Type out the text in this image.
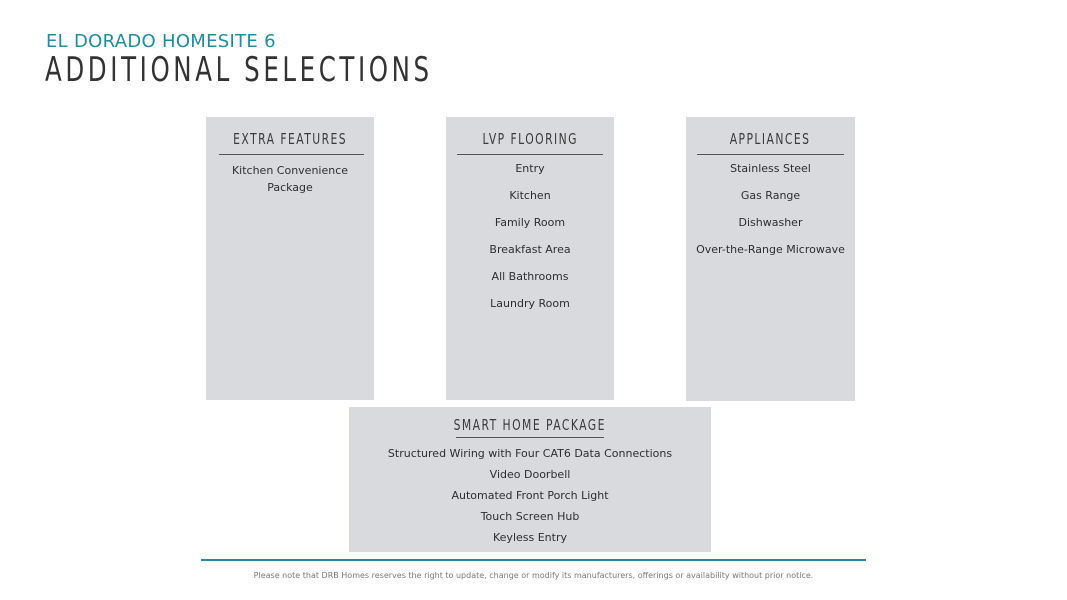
EL DORADO HOMESITE 6
ADDITIONAL SELECTIONS
EXTRA FEATURES
Kitchen Convenience Package
LVP FLOORING
Entry
Kitchen
Family Room
Breakfast Area
All Bathrooms
Laundry Room
APPLIANCES
Stainless Steel
Gas Range
Dishwasher
Over-the-Range Microwave
SMART HOME PACKAGE
Structured Wiring with Four CAT6 Data Connections
Video Doorbell
Automated Front Porch Light
Touch Screen Hub
Keyless Entry
Please note that DRB Homes reserves the right to update, change or modify its manufacturers, offerings or availability without prior notice.
